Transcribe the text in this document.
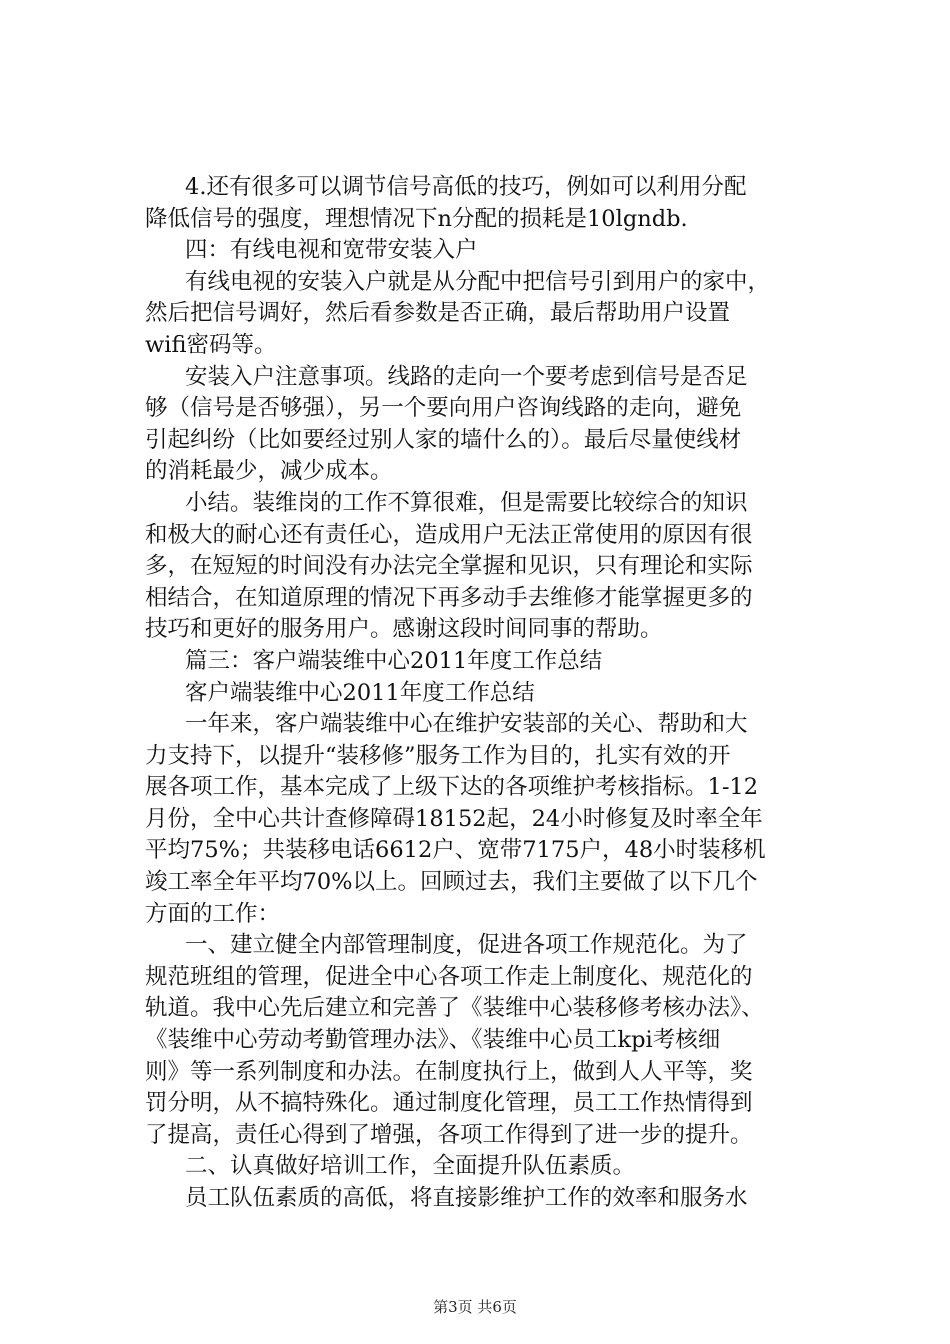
4.还有很多可以调节信号高低的技巧，例如可以利用分配
降低信号的强度，理想情况下n分配的损耗是10lgndb.
四：有线电视和宽带安装入户
有线电视的安装入户就是从分配中把信号引到用户的家中，
然后把信号调好，然后看参数是否正确，最后帮助用户设置
wifi密码等。
安装入户注意事项。线路的走向一个要考虑到信号是否足
够（信号是否够强），另一个要向用户咨询线路的走向，避免
引起纠纷（比如要经过别人家的墙什么的）。最后尽量使线材
的消耗最少，减少成本。
小结。装维岗的工作不算很难，但是需要比较综合的知识
和极大的耐心还有责任心，造成用户无法正常使用的原因有很
多，在短短的时间没有办法完全掌握和见识，只有理论和实际
相结合，在知道原理的情况下再多动手去维修才能掌握更多的
技巧和更好的服务用户。感谢这段时间同事的帮助。
篇三：客户端装维中心2011年度工作总结
客户端装维中心2011年度工作总结
一年来，客户端装维中心在维护安装部的关心、帮助和大
力支持下，以提升“装移修”服务工作为目的，扎实有效的开
展各项工作，基本完成了上级下达的各项维护考核指标。1-12
月份，全中心共计查修障碍18152起，24小时修复及时率全年
平均75%；共装移电话6612户、宽带7175户，48小时装移机
竣工率全年平均70%以上。回顾过去，我们主要做了以下几个
方面的工作：
一、建立健全内部管理制度，促进各项工作规范化。为了
规范班组的管理，促进全中心各项工作走上制度化、规范化的
轨道。我中心先后建立和完善了《装维中心装移修考核办法》、
《装维中心劳动考勤管理办法》、《装维中心员工kpi考核细
则》等一系列制度和办法。在制度执行上，做到人人平等，奖
罚分明，从不搞特殊化。通过制度化管理，员工工作热情得到
了提高，责任心得到了增强，各项工作得到了进一步的提升。
二、认真做好培训工作，全面提升队伍素质。
员工队伍素质的高低，将直接影维护工作的效率和服务水
第3页 共6页
